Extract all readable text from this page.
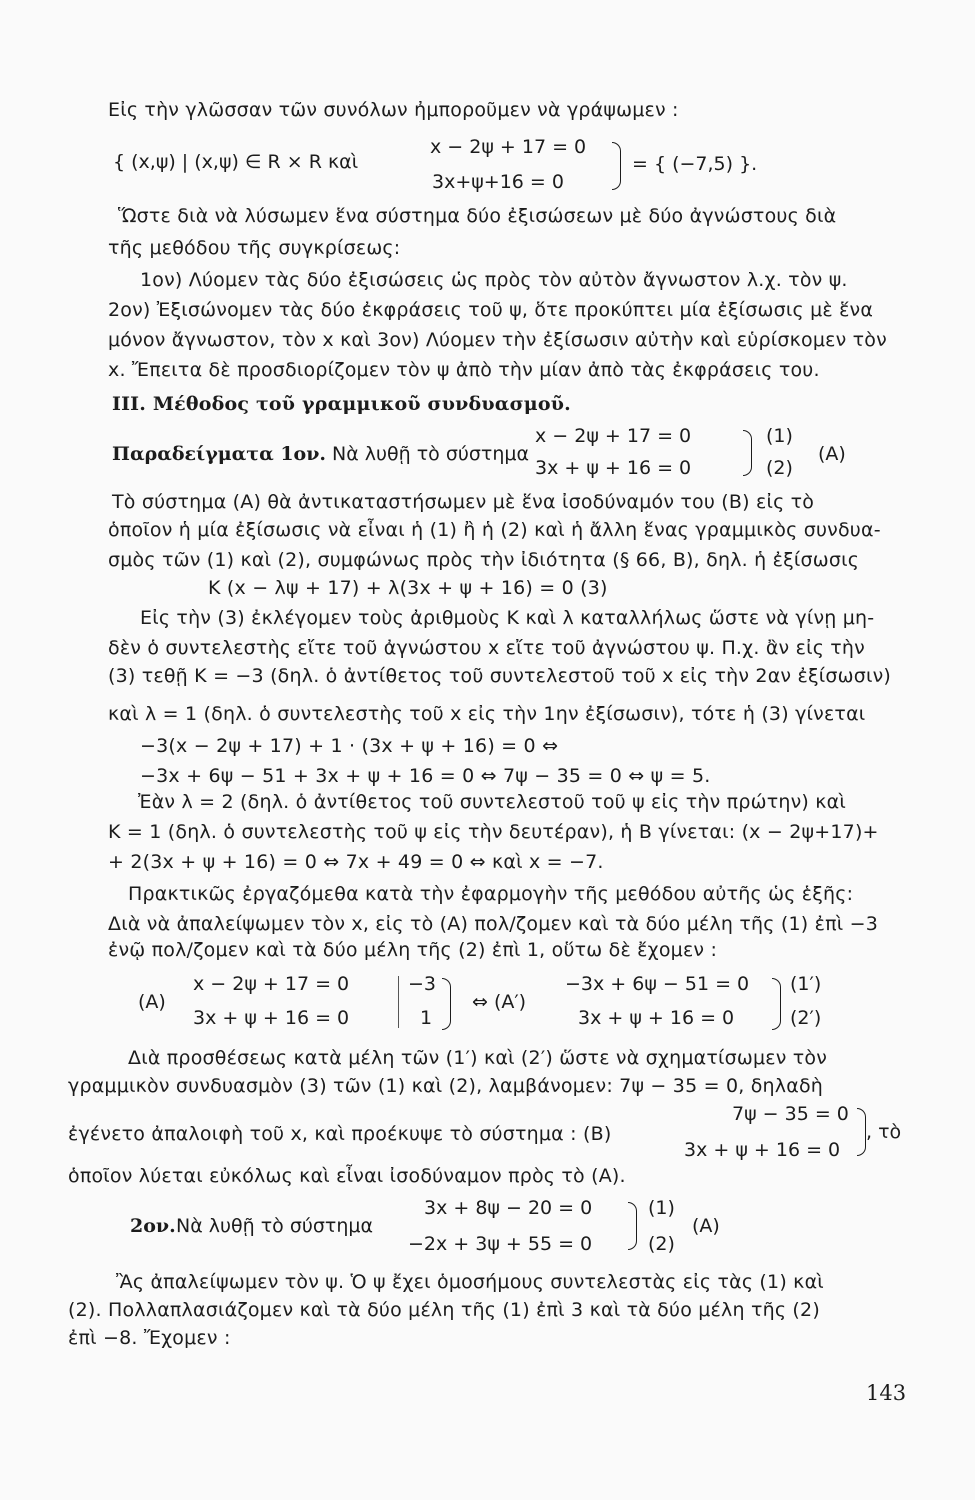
Εἰς τὴν γλῶσσαν τῶν συνόλων ἠμποροῦμεν νὰ γράψωμεν :
{ (x,ψ) | (x,ψ) ∈ R × R καὶ
x − 2ψ + 17 = 0
3x+ψ+16 = 0
= { (−7,5) }.
Ὥστε διὰ νὰ λύσωμεν ἕνα σύστημα δύο ἐξισώσεων μὲ δύο ἀγνώστους διὰ
τῆς μεθόδου τῆς συγκρίσεως:
1ον) Λύομεν τὰς δύο ἐξισώσεις ὡς πρὸς τὸν αὐτὸν ἄγνωστον λ.χ. τὸν ψ.
2ον) Ἐξισώνομεν τὰς δύο ἐκφράσεις τοῦ ψ, ὅτε προκύπτει μία ἐξίσωσις μὲ ἕνα
μόνον ἄγνωστον, τὸν x καὶ 3ον) Λύομεν τὴν ἐξίσωσιν αὐτὴν καὶ εὑρίσκομεν τὸν
x. Ἔπειτα δὲ προσδιορίζομεν τὸν ψ ἀπὸ τὴν μίαν ἀπὸ τὰς ἐκφράσεις του.
III. Μέθοδος τοῦ γραμμικοῦ συνδυασμοῦ.
x − 2ψ + 17 = 0
Παραδείγματα 1ον. Νὰ λυθῇ τὸ σύστημα
3x + ψ + 16 = 0
(1)
(2)
(A)
Τὸ σύστημα (A) θὰ ἀντικαταστήσωμεν μὲ ἕνα ἰσοδύναμόν του (B) εἰς τὸ
ὁποῖον ἡ μία ἐξίσωσις νὰ εἶναι ἡ (1) ἢ ἡ (2) καὶ ἡ ἄλλη ἕνας γραμμικὸς συνδυα-
σμὸς τῶν (1) καὶ (2), συμφώνως πρὸς τὴν ἰδιότητα (§ 66, B), δηλ. ἡ ἐξίσωσις
K (x − λψ + 17) + λ(3x + ψ + 16) = 0 (3)
Εἰς τὴν (3) ἐκλέγομεν τοὺς ἀριθμοὺς K καὶ λ καταλλήλως ὥστε νὰ γίνῃ μη-
δὲν ὁ συντελεστὴς εἴτε τοῦ ἀγνώστου x εἴτε τοῦ ἀγνώστου ψ. Π.χ. ἂν εἰς τὴν
(3) τεθῇ K = −3 (δηλ. ὁ ἀντίθετος τοῦ συντελεστοῦ τοῦ x εἰς τὴν 2αν ἐξίσωσιν)
καὶ λ = 1 (δηλ. ὁ συντελεστὴς τοῦ x εἰς τὴν 1ην ἐξίσωσιν), τότε ἡ (3) γίνεται
−3(x − 2ψ + 17) + 1 · (3x + ψ + 16) = 0 ⇔
−3x + 6ψ − 51 + 3x + ψ + 16 = 0 ⇔ 7ψ − 35 = 0 ⇔ ψ = 5.
Ἐὰν λ = 2 (δηλ. ὁ ἀντίθετος τοῦ συντελεστοῦ τοῦ ψ εἰς τὴν πρώτην) καὶ
K = 1 (δηλ. ὁ συντελεστὴς τοῦ ψ εἰς τὴν δευτέραν), ἡ B γίνεται: (x − 2ψ+17)+
+ 2(3x + ψ + 16) = 0 ⇔ 7x + 49 = 0 ⇔ καὶ x = −7.
Πρακτικῶς ἐργαζόμεθα κατὰ τὴν ἐφαρμογὴν τῆς μεθόδου αὐτῆς ὡς ἑξῆς:
Διὰ νὰ ἀπαλείψωμεν τὸν x, εἰς τὸ (A) πολ/ζομεν καὶ τὰ δύο μέλη τῆς (1) ἐπὶ −3
ἐνῷ πολ/ζομεν καὶ τὰ δύο μέλη τῆς (2) ἐπὶ 1, οὕτω δὲ ἔχομεν :
(A)
x − 2ψ + 17 = 0
3x + ψ + 16 = 0
−3
1
⇔ (A′)
−3x + 6ψ − 51 = 0
3x + ψ + 16 = 0
(1′)
(2′)
Διὰ προσθέσεως κατὰ μέλη τῶν (1′) καὶ (2′) ὥστε νὰ σχηματίσωμεν τὸν
γραμμικὸν συνδυασμὸν (3) τῶν (1) καὶ (2), λαμβάνομεν: 7ψ − 35 = 0, δηλαδὴ
7ψ − 35 = 0
ἐγένετο ἀπαλοιφὴ τοῦ x, καὶ προέκυψε τὸ σύστημα : (B)
3x + ψ + 16 = 0
, τὸ
ὁποῖον λύεται εὐκόλως καὶ εἶναι ἰσοδύναμον πρὸς τὸ (A).
3x + 8ψ − 20 = 0
2ον. Νὰ λυθῇ τὸ σύστημα
−2x + 3ψ + 55 = 0
(1)
(2)
(A)
Ἂς ἀπαλείψωμεν τὸν ψ. Ὁ ψ ἔχει ὁμοσήμους συντελεστὰς εἰς τὰς (1) καὶ
(2). Πολλαπλασιάζομεν καὶ τὰ δύο μέλη τῆς (1) ἐπὶ 3 καὶ τὰ δύο μέλη τῆς (2)
ἐπὶ −8. Ἔχομεν :
143
